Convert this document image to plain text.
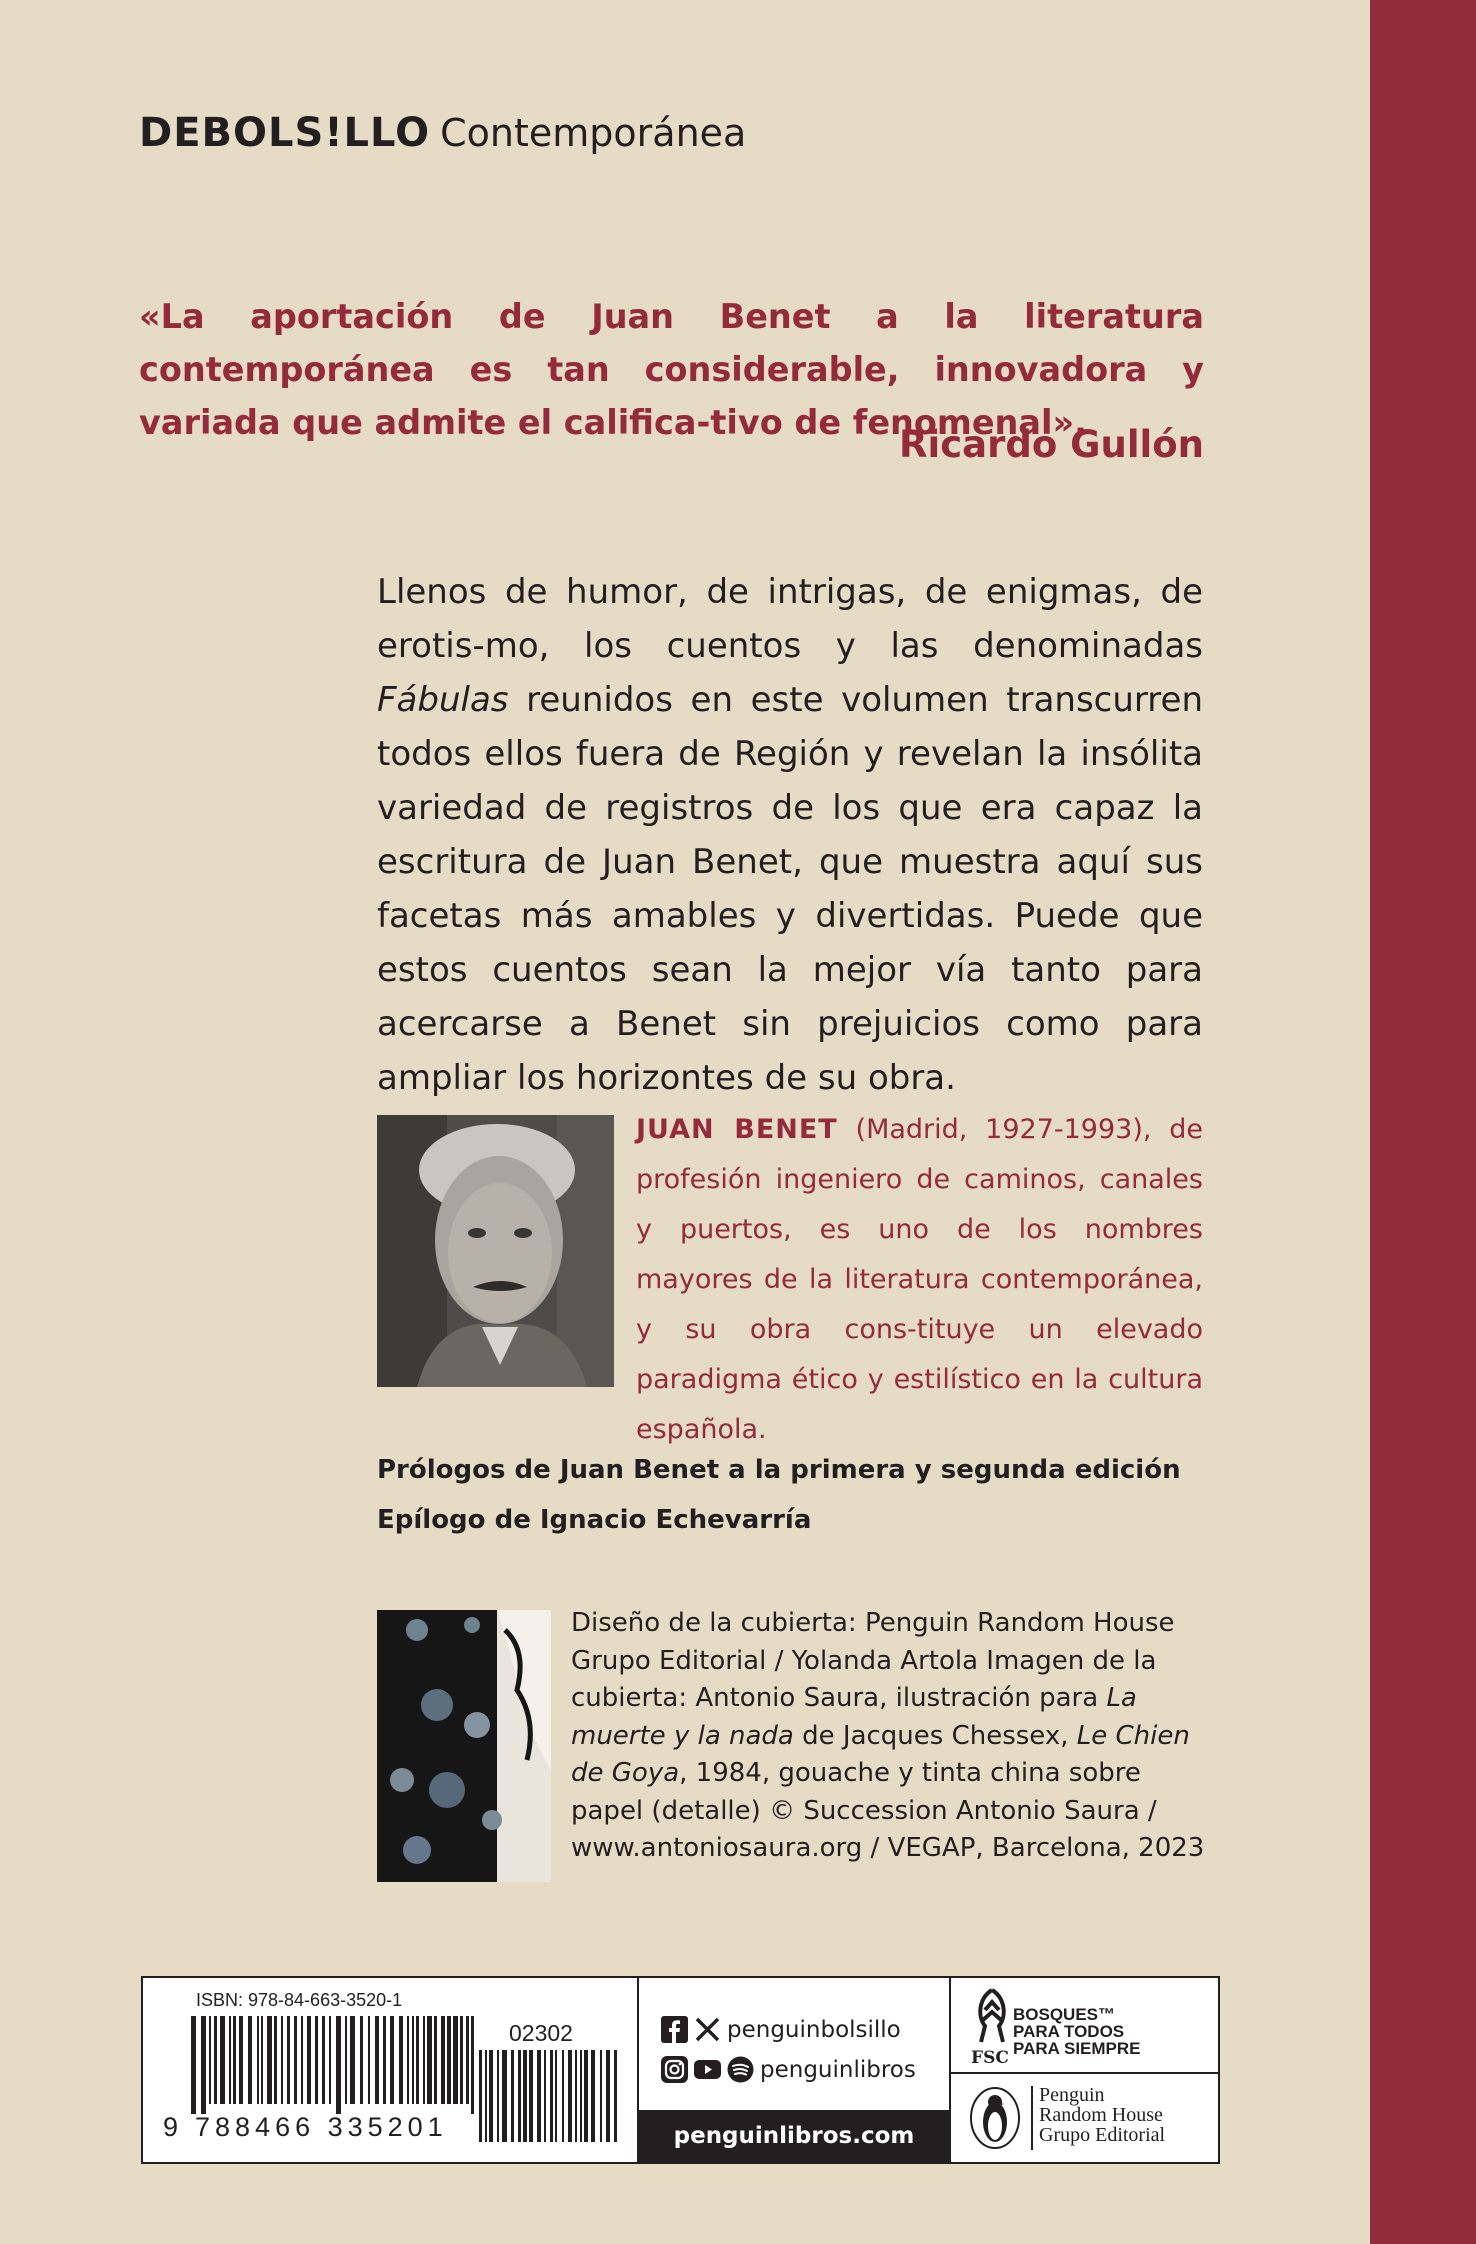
DEBOLS!LLO Contemporánea
«La aportación de Juan Benet a la literatura contemporánea es tan considerable, innovadora y variada que admite el califica-tivo de fenomenal».
Ricardo Gullón
Llenos de humor, de intrigas, de enigmas, de erotis-mo, los cuentos y las denominadas Fábulas reunidos en este volumen transcurren todos ellos fuera de Región y revelan la insólita variedad de registros de los que era capaz la escritura de Juan Benet, que muestra aquí sus facetas más amables y divertidas. Puede que estos cuentos sean la mejor vía tanto para acercarse a Benet sin prejuicios como para ampliar los horizontes de su obra.
JUAN BENET (Madrid, 1927-1993), de profesión ingeniero de caminos, canales y puertos, es uno de los nombres mayores de la literatura contemporánea, y su obra cons-tituye un elevado paradigma ético y estilístico en la cultura española.
Prólogos de Juan Benet a la primera y segunda edición
Epílogo de Ignacio Echevarría
Diseño de la cubierta: Penguin Random House Grupo Editorial / Yolanda Artola Imagen de la cubierta: Antonio Saura, ilustración para La muerte y la nada de Jacques Chessex, Le Chien de Goya, 1984, gouache y tinta china sobre papel (detalle) © Succession Antonio Saura / www.antoniosaura.org / VEGAP, Barcelona, 2023
ISBN: 978-84-663-3520-1
02302
9 788466 335201
penguinbolsillo
penguinlibros
penguinlibros.com
BOSQUES™
PARA TODOS
PARA SIEMPRE
FSC
Penguin
Random House
Grupo Editorial
